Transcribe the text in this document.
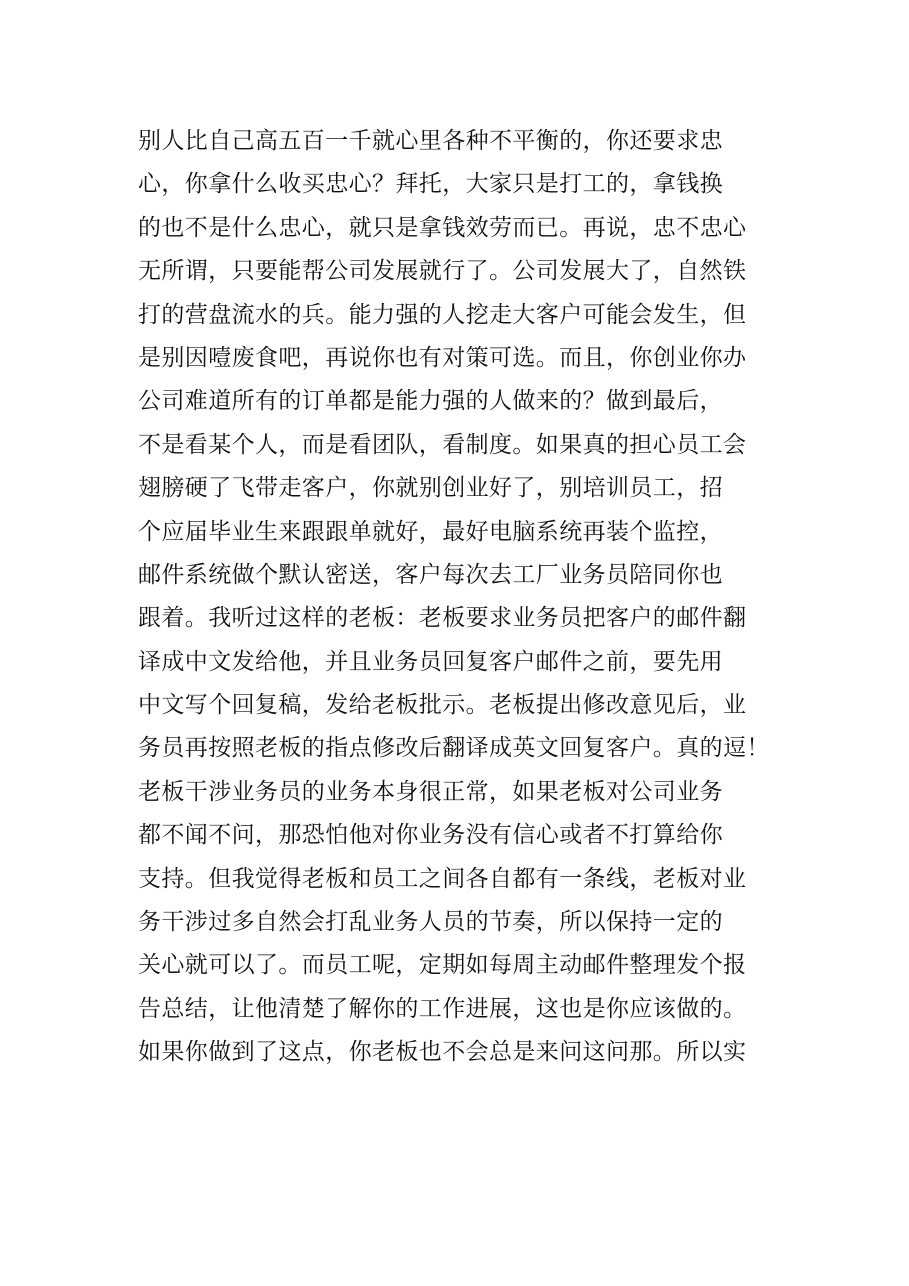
别人比自己高五百一千就心里各种不平衡的，你还要求忠
心，你拿什么收买忠心？拜托，大家只是打工的，拿钱换
的也不是什么忠心，就只是拿钱效劳而已。再说，忠不忠心
无所谓，只要能帮公司发展就行了。公司发展大了，自然铁
打的营盘流水的兵。能力强的人挖走大客户可能会发生，但
是别因噎废食吧，再说你也有对策可选。而且，你创业你办
公司难道所有的订单都是能力强的人做来的？做到最后，
不是看某个人，而是看团队，看制度。如果真的担心员工会
翅膀硬了飞带走客户，你就别创业好了，别培训员工，招
个应届毕业生来跟跟单就好，最好电脑系统再装个监控，
邮件系统做个默认密送，客户每次去工厂业务员陪同你也
跟着。我听过这样的老板：老板要求业务员把客户的邮件翻
译成中文发给他，并且业务员回复客户邮件之前，要先用
中文写个回复稿，发给老板批示。老板提出修改意见后，业
务员再按照老板的指点修改后翻译成英文回复客户。真的逗！
老板干涉业务员的业务本身很正常，如果老板对公司业务
都不闻不问，那恐怕他对你业务没有信心或者不打算给你
支持。但我觉得老板和员工之间各自都有一条线，老板对业
务干涉过多自然会打乱业务人员的节奏，所以保持一定的
关心就可以了。而员工呢，定期如每周主动邮件整理发个报
告总结，让他清楚了解你的工作进展，这也是你应该做的。
如果你做到了这点，你老板也不会总是来问这问那。所以实
